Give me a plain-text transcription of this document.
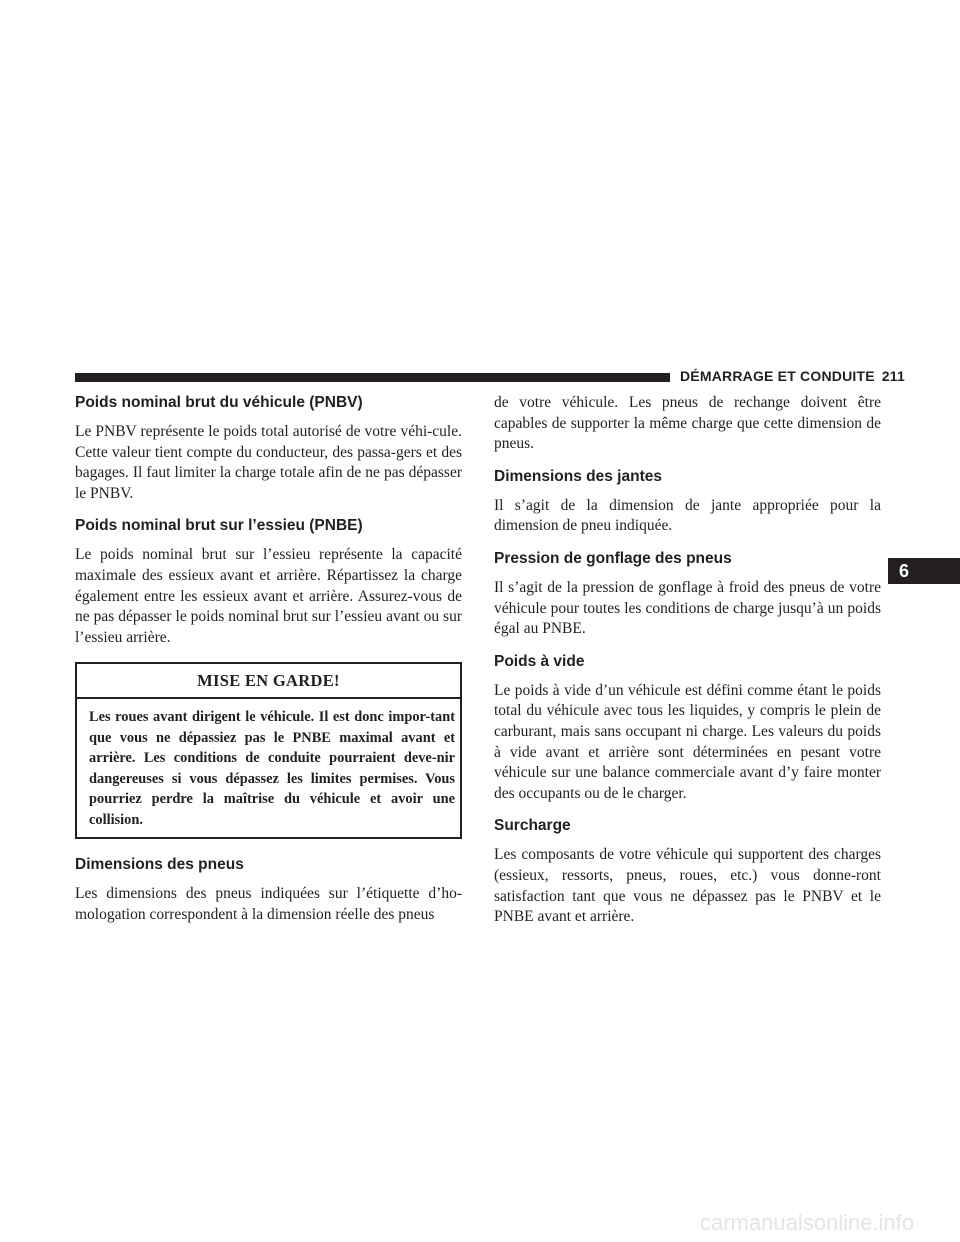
DÉMARRAGE ET CONDUITE 211
6
Poids nominal brut du véhicule (PNBV)

Le PNBV représente le poids total autorisé de votre véhi-cule. Cette valeur tient compte du conducteur, des passa-gers et des bagages. Il faut limiter la charge totale afin de ne pas dépasser le PNBV.

Poids nominal brut sur l’essieu (PNBE)

Le poids nominal brut sur l’essieu représente la capacité maximale des essieux avant et arrière. Répartissez la charge également entre les essieux avant et arrière. Assurez-vous de ne pas dépasser le poids nominal brut sur l’essieu avant ou sur l’essieu arrière.

MISE EN GARDE!
Les roues avant dirigent le véhicule. Il est donc impor-tant que vous ne dépassiez pas le PNBE maximal avant et arrière. Les conditions de conduite pourraient deve-nir dangereuses si vous dépassez les limites permises. Vous pourriez perdre la maîtrise du véhicule et avoir une collision.
Dimensions des pneus

Les dimensions des pneus indiquées sur l’étiquette d’ho-mologation correspondent à la dimension réelle des pneus

de votre véhicule. Les pneus de rechange doivent être capables de supporter la même charge que cette dimension de pneus.

Dimensions des jantes

Il s’agit de la dimension de jante appropriée pour la dimension de pneu indiquée.

Pression de gonflage des pneus

Il s’agit de la pression de gonflage à froid des pneus de votre véhicule pour toutes les conditions de charge jusqu’à un poids égal au PNBE.

Poids à vide

Le poids à vide d’un véhicule est défini comme étant le poids total du véhicule avec tous les liquides, y compris le plein de carburant, mais sans occupant ni charge. Les valeurs du poids à vide avant et arrière sont déterminées en pesant votre véhicule sur une balance commerciale avant d’y faire monter des occupants ou de le charger.

Surcharge

Les composants de votre véhicule qui supportent des charges (essieux, ressorts, pneus, roues, etc.) vous donne-ront satisfaction tant que vous ne dépassez pas le PNBV et le PNBE avant et arrière.

carmanualsonline.info
